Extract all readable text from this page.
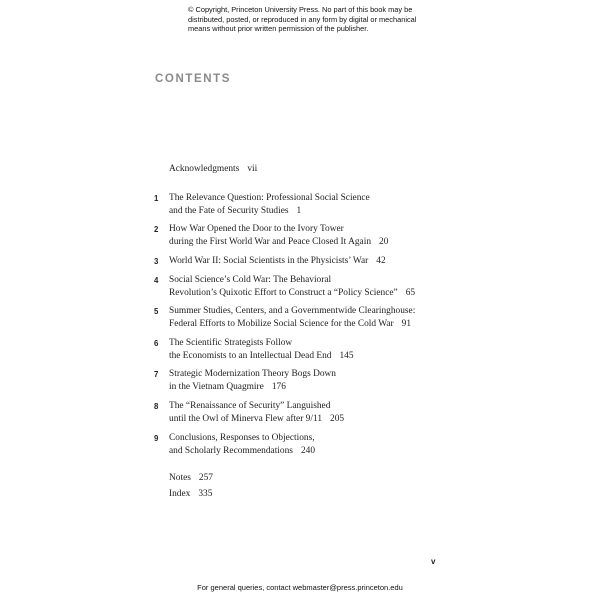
© Copyright, Princeton University Press. No part of this book may be
distributed, posted, or reproduced in any form by digital or mechanical
means without prior written permission of the publisher.
CONTENTS
Acknowledgments vii
1 The Relevance Question: Professional Social Science
and the Fate of Security Studies 1
2 How War Opened the Door to the Ivory Tower
during the First World War and Peace Closed It Again 20
3 World War II: Social Scientists in the Physicists’ War 42
4 Social Science’s Cold War: The Behavioral
Revolution’s Quixotic Effort to Construct a “Policy Science” 65
5 Summer Studies, Centers, and a Governmentwide Clearinghouse:
Federal Efforts to Mobilize Social Science for the Cold War 91
6 The Scientific Strategists Follow
the Economists to an Intellectual Dead End 145
7 Strategic Modernization Theory Bogs Down
in the Vietnam Quagmire 176
8 The “Renaissance of Security” Languished
until the Owl of Minerva Flew after 9/11 205
9 Conclusions, Responses to Objections,
and Scholarly Recommendations 240
Notes 257
Index 335
v
For general queries, contact webmaster@press.princeton.edu
